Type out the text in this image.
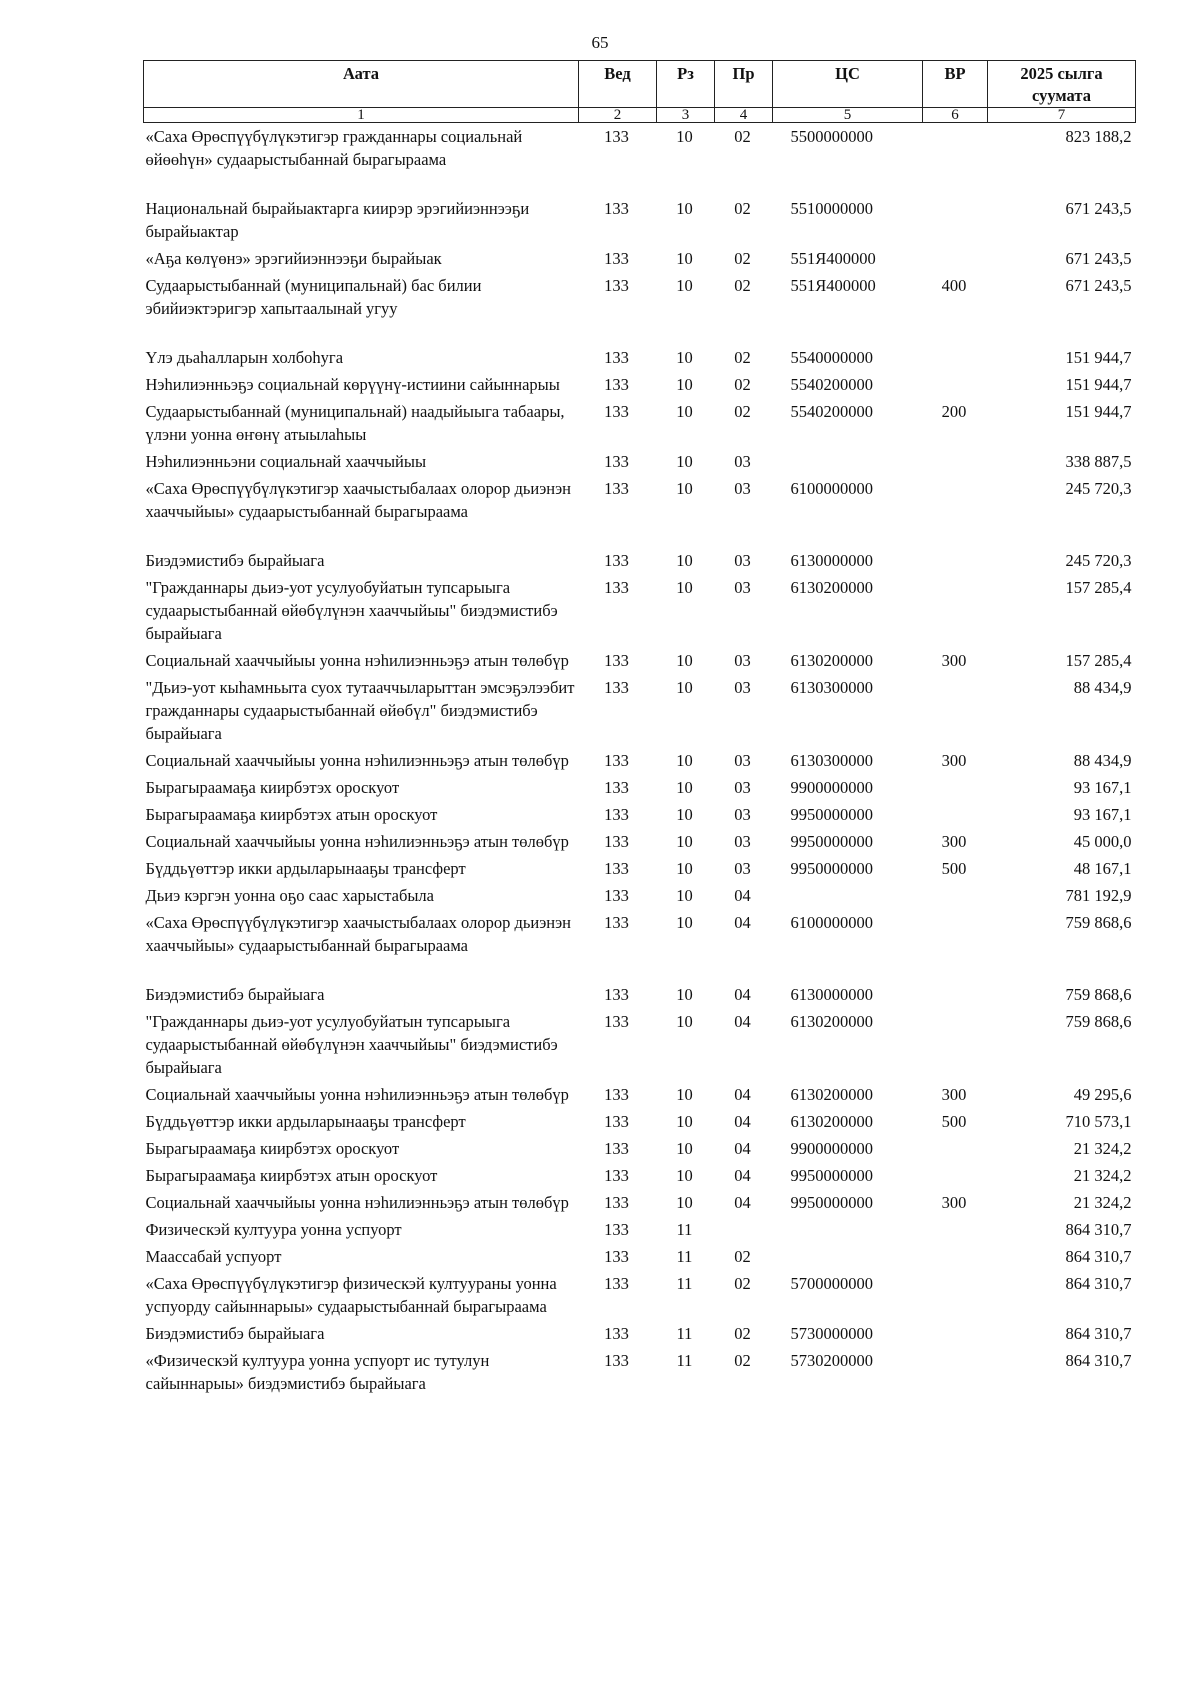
65
Аата	Вед	Рз	Пр	ЦС	ВР	2025 сылга суумата
1	2	3	4	5	6	7
«Саха Өрөспүүбүлүкэтигэр гражданнары социальнай өйөөһүн» судаарыстыбаннай бырагыраама	133	10	02	5500000000		823 188,2
Национальнай бырайыактарга киирэр эрэгийиэннээҕи бырайыактар	133	10	02	5510000000		671 243,5
«Аҕа көлүөнэ» эрэгийиэннээҕи бырайыак	133	10	02	551Я400000		671 243,5
Судаарыстыбаннай (муниципальнай) бас билии эбийиэктэригэр хапытаалынай угуу	133	10	02	551Я400000	400	671 243,5
Үлэ дьаһалларын холбоһуга	133	10	02	5540000000		151 944,7
Нэһилиэнньэҕэ социальнай көрүүнү-истиини сайыннарыы	133	10	02	5540200000		151 944,7
Судаарыстыбаннай (муниципальнай) наадыйыыга табаары, үлэни уонна өҥөнү атыылаһыы	133	10	02	5540200000	200	151 944,7
Нэһилиэнньэни социальнай хааччыйыы	133	10	03			338 887,5
«Саха Өрөспүүбүлүкэтигэр хаачыстыбалаах олорор дьиэнэн хааччыйыы» судаарыстыбаннай бырагыраама	133	10	03	6100000000		245 720,3
Биэдэмистибэ бырайыага	133	10	03	6130000000		245 720,3
"Гражданнары дьиэ-уот усулуобуйатын тупсарыыга судаарыстыбаннай өйөбүлүнэн хааччыйыы" биэдэмистибэ бырайыага	133	10	03	6130200000		157 285,4
Социальнай хааччыйыы уонна нэһилиэнньэҕэ атын төлөбүр	133	10	03	6130200000	300	157 285,4
"Дьиэ-уот кыһамньыта суох тутааччыларыттан эмсэҕэлээбит гражданнары судаарыстыбаннай өйөбүл" биэдэмистибэ бырайыага	133	10	03	6130300000		88 434,9
Социальнай хааччыйыы уонна нэһилиэнньэҕэ атын төлөбүр	133	10	03	6130300000	300	88 434,9
Бырагыраамаҕа киирбэтэх ороскуот	133	10	03	9900000000		93 167,1
Бырагыраамаҕа киирбэтэх атын ороскуот	133	10	03	9950000000		93 167,1
Социальнай хааччыйыы уонна нэһилиэнньэҕэ атын төлөбүр	133	10	03	9950000000	300	45 000,0
Бүддьүөттэр икки ардыларынааҕы трансферт	133	10	03	9950000000	500	48 167,1
Дьиэ кэргэн уонна оҕо саас харыстабыла	133	10	04			781 192,9
«Саха Өрөспүүбүлүкэтигэр хаачыстыбалаах олорор дьиэнэн хааччыйыы» судаарыстыбаннай бырагыраама	133	10	04	6100000000		759 868,6
Биэдэмистибэ бырайыага	133	10	04	6130000000		759 868,6
"Гражданнары дьиэ-уот усулуобуйатын тупсарыыга судаарыстыбаннай өйөбүлүнэн хааччыйыы" биэдэмистибэ бырайыага	133	10	04	6130200000		759 868,6
Социальнай хааччыйыы уонна нэһилиэнньэҕэ атын төлөбүр	133	10	04	6130200000	300	49 295,6
Бүддьүөттэр икки ардыларынааҕы трансферт	133	10	04	6130200000	500	710 573,1
Бырагыраамаҕа киирбэтэх ороскуот	133	10	04	9900000000		21 324,2
Бырагыраамаҕа киирбэтэх атын ороскуот	133	10	04	9950000000		21 324,2
Социальнай хааччыйыы уонна нэһилиэнньэҕэ атын төлөбүр	133	10	04	9950000000	300	21 324,2
Физическэй култуура уонна успуорт	133	11				864 310,7
Маассабай успуорт	133	11	02			864 310,7
«Саха Өрөспүүбүлүкэтигэр физическэй култуураны уонна успуорду сайыннарыы» судаарыстыбаннай бырагыраама	133	11	02	5700000000		864 310,7
Биэдэмистибэ бырайыага	133	11	02	5730000000		864 310,7
«Физическэй култуура уонна успуорт ис тутулун сайыннарыы» биэдэмистибэ бырайыага	133	11	02	5730200000		864 310,7
